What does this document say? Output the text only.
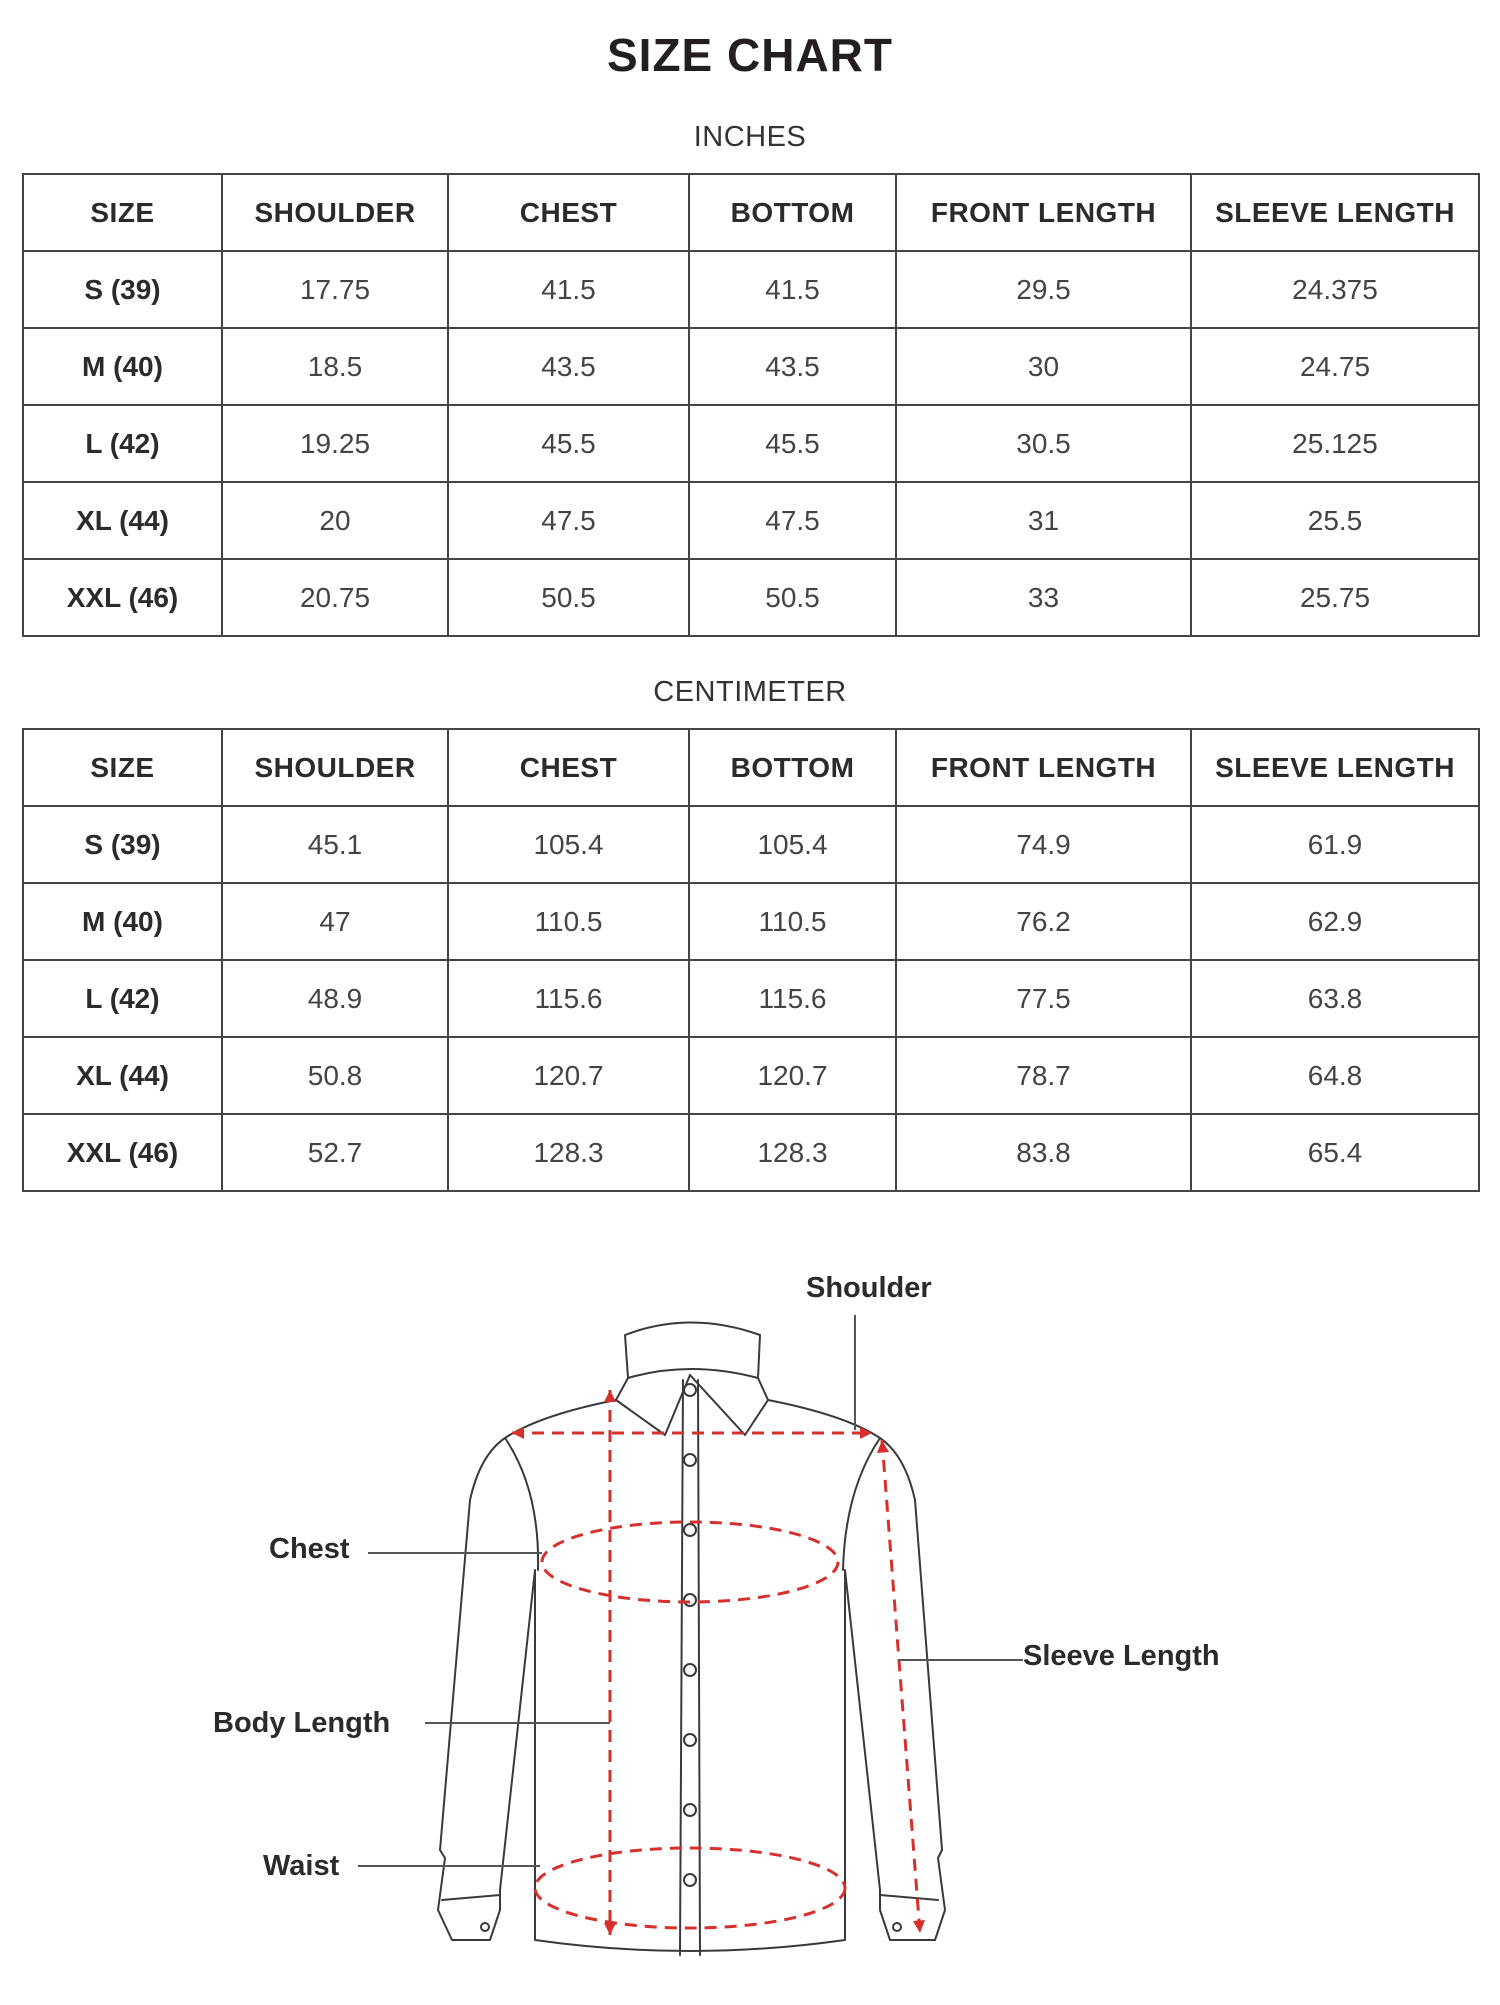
SIZE CHART
INCHES
SIZE	SHOULDER	CHEST	BOTTOM	FRONT LENGTH	SLEEVE LENGTH
S (39)	17.75	41.5	41.5	29.5	24.375
M (40)	18.5	43.5	43.5	30	24.75
L (42)	19.25	45.5	45.5	30.5	25.125
XL (44)	20	47.5	47.5	31	25.5
XXL (46)	20.75	50.5	50.5	33	25.75
CENTIMETER
SIZE	SHOULDER	CHEST	BOTTOM	FRONT LENGTH	SLEEVE LENGTH
S (39)	45.1	105.4	105.4	74.9	61.9
M (40)	47	110.5	110.5	76.2	62.9
L (42)	48.9	115.6	115.6	77.5	63.8
XL (44)	50.8	120.7	120.7	78.7	64.8
XXL (46)	52.7	128.3	128.3	83.8	65.4
Shoulder
Chest
Sleeve Length
Body Length
Waist
